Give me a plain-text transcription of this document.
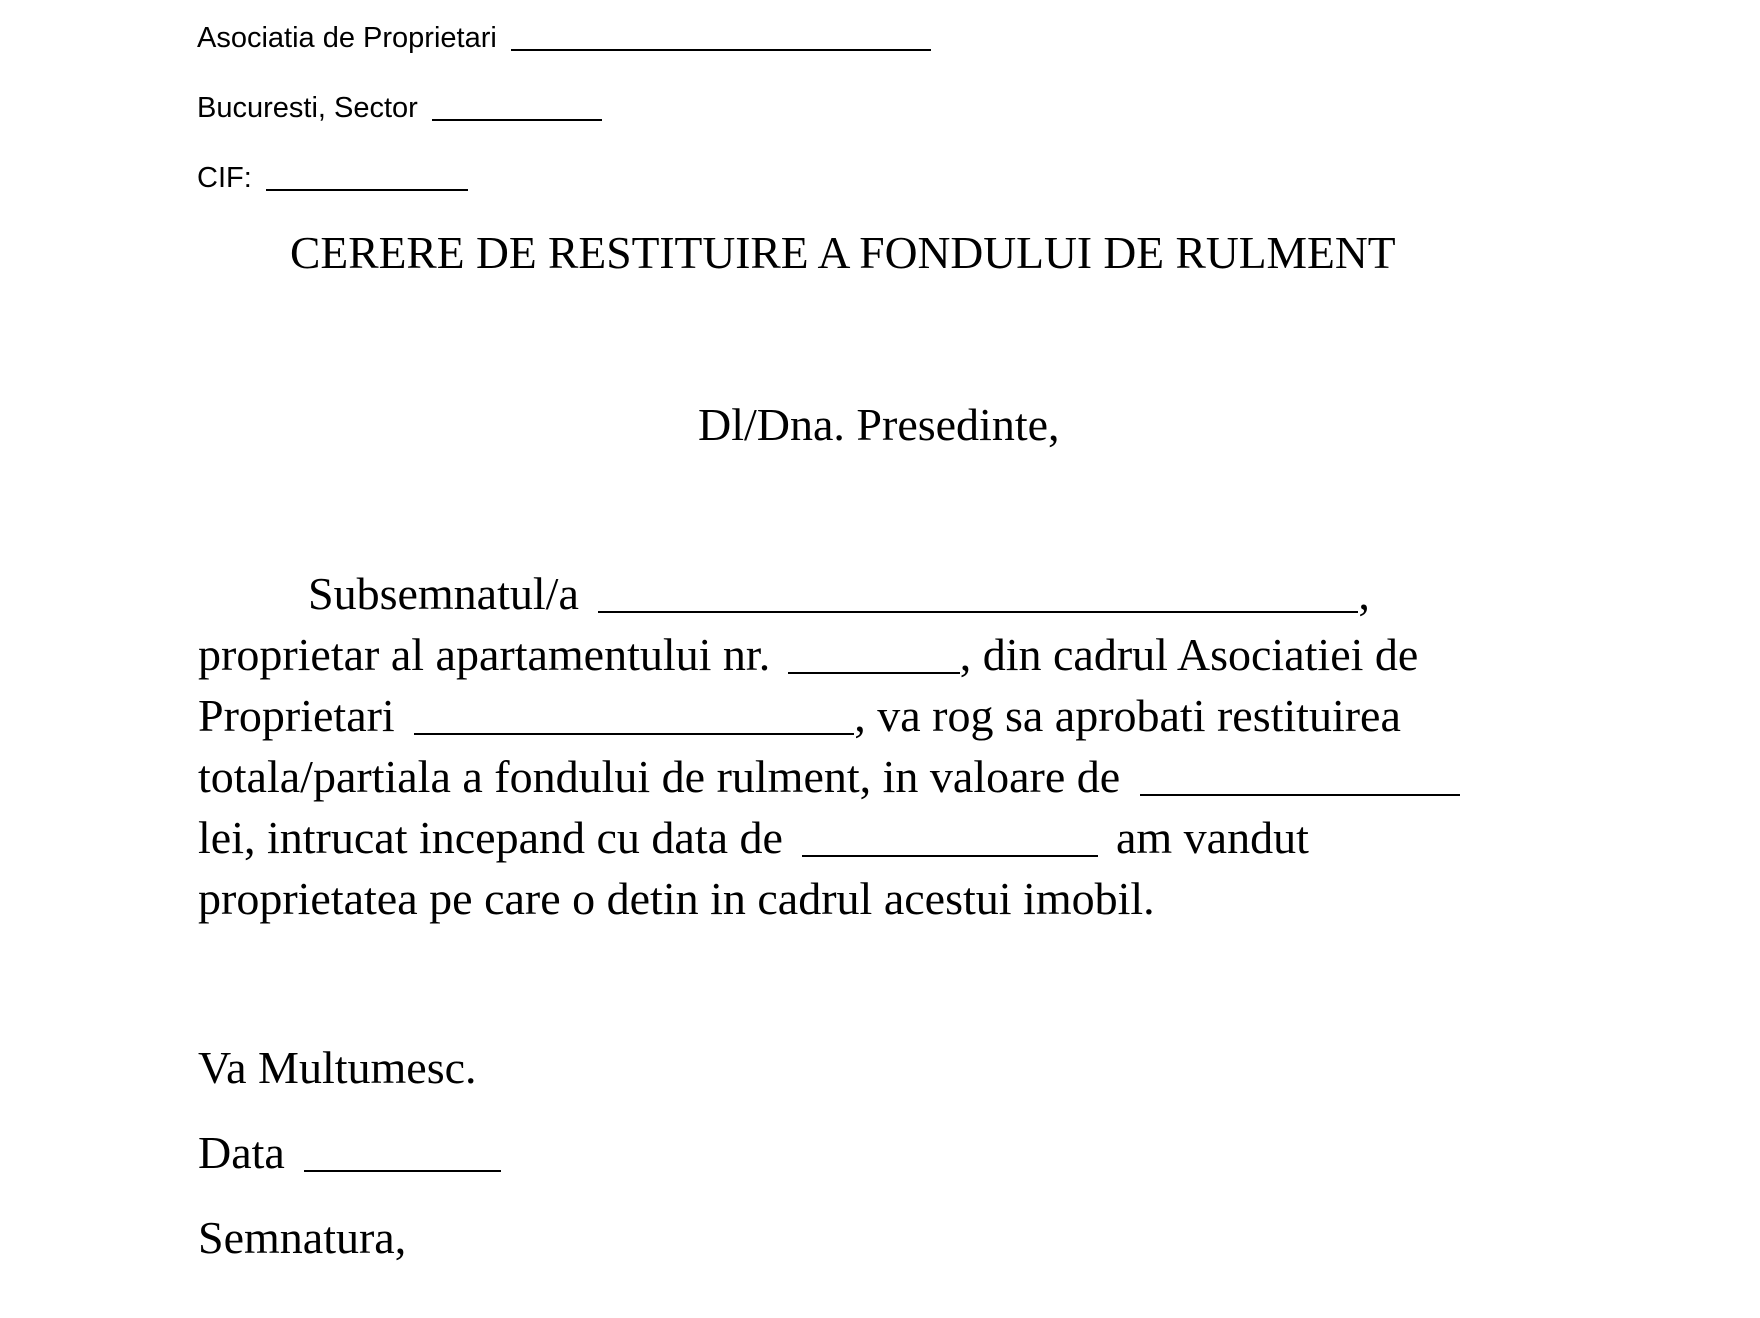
Asociatia de Proprietari
Bucuresti, Sector
CIF:
CERERE DE RESTITUIRE A FONDULUI DE RULMENT
Dl/Dna. Presedinte,
Subsemnatul/a	,
proprietar al apartamentului nr.	, din cadrul Asociatiei de
Proprietari	, va rog sa aprobati restituirea
totala/partiala a fondului de rulment, in valoare de
lei, intrucat incepand cu data de	am vandut
proprietatea pe care o detin in cadrul acestui imobil.
Va Multumesc.
Data
Semnatura,
